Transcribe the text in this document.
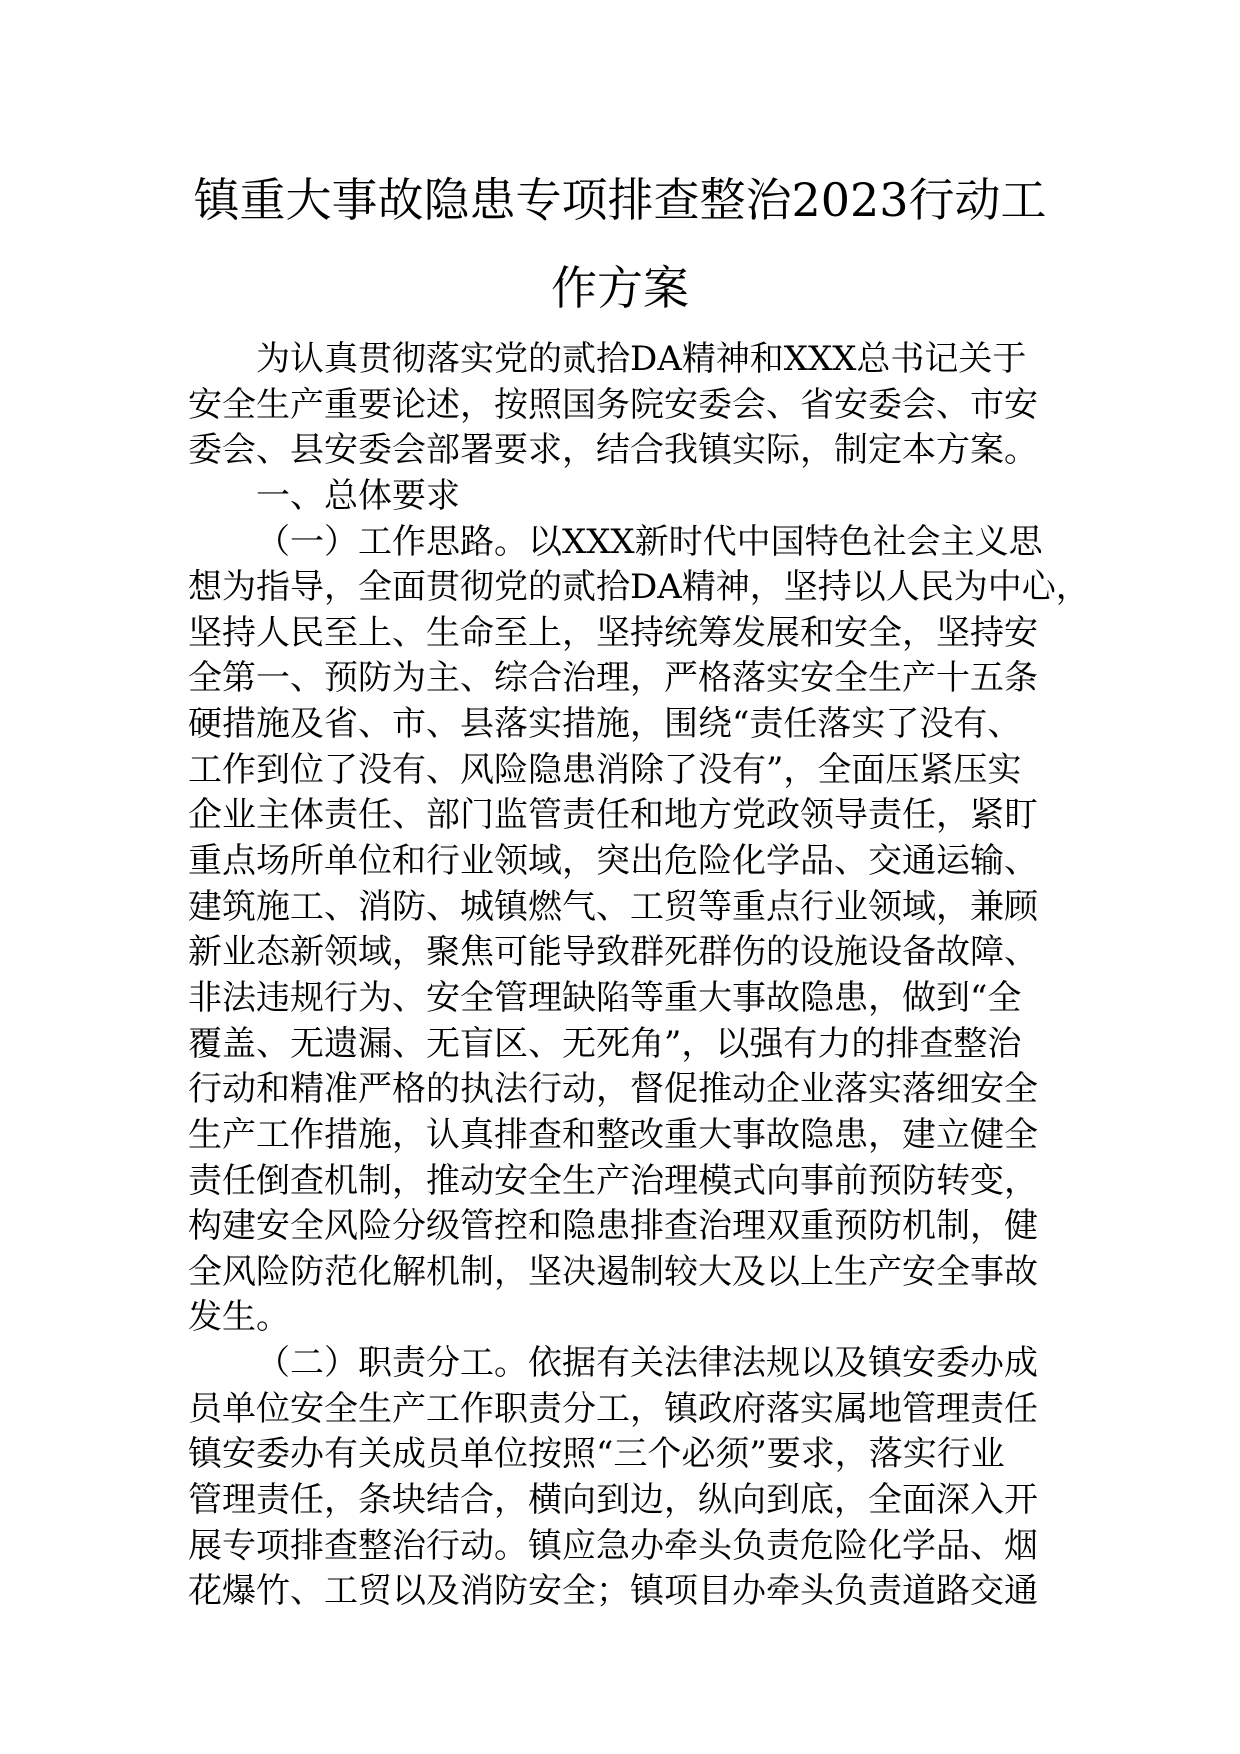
镇重大事故隐患专项排查整治2023行动工
作方案
为认真贯彻落实党的贰拾DA精神和XXX总书记关于
安全生产重要论述，按照国务院安委会、省安委会、市安
委会、县安委会部署要求，结合我镇实际，制定本方案。
一、总体要求
（一）工作思路。以XXX新时代中国特色社会主义思
想为指导，全面贯彻党的贰拾DA精神，坚持以人民为中心，
坚持人民至上、生命至上，坚持统筹发展和安全，坚持安
全第一、预防为主、综合治理，严格落实安全生产十五条
硬措施及省、市、县落实措施，围绕“责任落实了没有、
工作到位了没有、风险隐患消除了没有”，全面压紧压实
企业主体责任、部门监管责任和地方党政领导责任，紧盯
重点场所单位和行业领域，突出危险化学品、交通运输、
建筑施工、消防、城镇燃气、工贸等重点行业领域，兼顾
新业态新领域，聚焦可能导致群死群伤的设施设备故障、
非法违规行为、安全管理缺陷等重大事故隐患，做到“全
覆盖、无遗漏、无盲区、无死角”，以强有力的排查整治
行动和精准严格的执法行动，督促推动企业落实落细安全
生产工作措施，认真排查和整改重大事故隐患，建立健全
责任倒查机制，推动安全生产治理模式向事前预防转变，
构建安全风险分级管控和隐患排查治理双重预防机制，健
全风险防范化解机制，坚决遏制较大及以上生产安全事故
发生。
（二）职责分工。依据有关法律法规以及镇安委办成
员单位安全生产工作职责分工，镇政府落实属地管理责任
镇安委办有关成员单位按照“三个必须”要求，落实行业
管理责任，条块结合，横向到边，纵向到底，全面深入开
展专项排查整治行动。镇应急办牵头负责危险化学品、烟
花爆竹、工贸以及消防安全；镇项目办牵头负责道路交通
